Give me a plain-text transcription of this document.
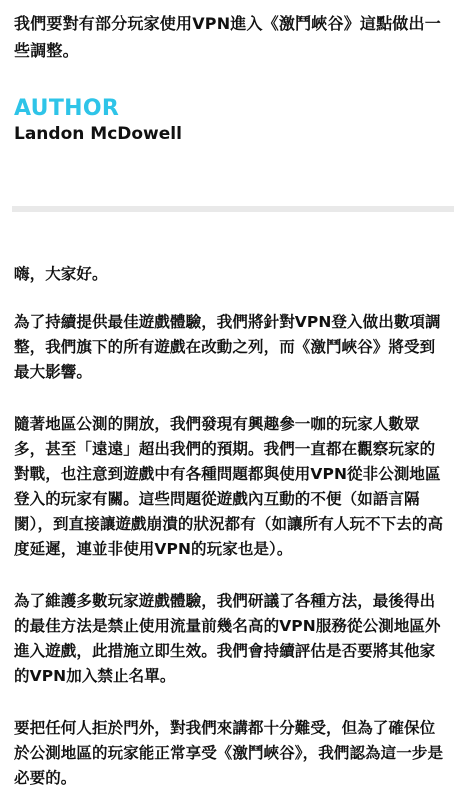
我們要對有部分玩家使用VPN進入《激鬥峽谷》這點做出一些調整。
AUTHOR
Landon McDowell

嗨，大家好。

為了持續提供最佳遊戲體驗，我們將針對VPN登入做出數項調整，我們旗下的所有遊戲在改動之列，而《激鬥峽谷》將受到最大影響。

隨著地區公測的開放，我們發現有興趣參一咖的玩家人數眾多，甚至「遠遠」超出我們的預期。我們一直都在觀察玩家的對戰，也注意到遊戲中有各種問題都與使用VPN從非公測地區登入的玩家有關。這些問題從遊戲內互動的不便（如語言隔閡），到直接讓遊戲崩潰的狀況都有（如讓所有人玩不下去的高度延遲，連並非使用VPN的玩家也是）。

為了維護多數玩家遊戲體驗，我們研議了各種方法，最後得出的最佳方法是禁止使用流量前幾名高的VPN服務從公測地區外進入遊戲，此措施立即生效。我們會持續評估是否要將其他家的VPN加入禁止名單。

要把任何人拒於門外，對我們來講都十分難受，但為了確保位於公測地區的玩家能正常享受《激鬥峽谷》，我們認為這一步是必要的。
